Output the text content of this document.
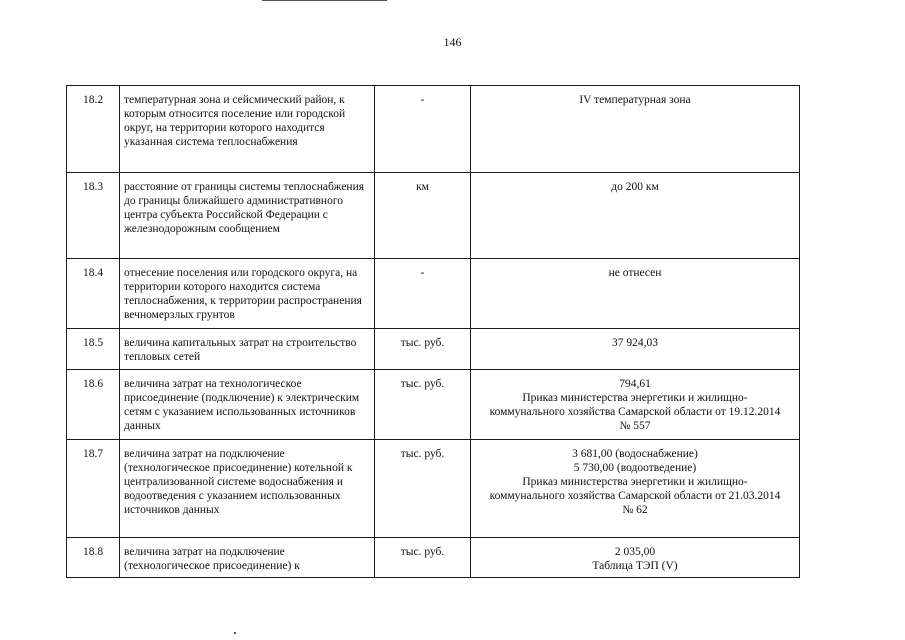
146
18.2	температурная зона и сейсмический район, к которым относится поселение или городской округ, на территории которого находится указанная система теплоснабжения	-	IV температурная зона

18.3	расстояние от границы системы теплоснабжения до границы ближайшего административного центра субъекта Российской Федерации с железнодорожным сообщением	км	до 200 км

18.4	отнесение поселения или городского округа, на территории которого находится система теплоснабжения, к территории распространения вечномерзлых грунтов	-	не отнесен

18.5	величина капитальных затрат на строительство тепловых сетей	тыс. руб.	37 924,03

18.6	величина затрат на технологическое присоединение (подключение) к электрическим сетям с указанием использованных источников данных	тыс. руб.	794,61
Приказ министерства энергетики и жилищно-
коммунального хозяйства Самарской области от 19.12.2014
№ 557

18.7	величина затрат на подключение (технологическое присоединение) котельной к централизованной системе водоснабжения и водоотведения с указанием использованных источников данных	тыс. руб.	3 681,00 (водоснабжение)
5 730,00 (водоотведение)
Приказ министерства энергетики и жилищно-
коммунального хозяйства Самарской области от 21.03.2014
№ 62

18.8	величина затрат на подключение (технологическое присоединение) к	тыс. руб.	2 035,00
Таблица ТЭП (V)
